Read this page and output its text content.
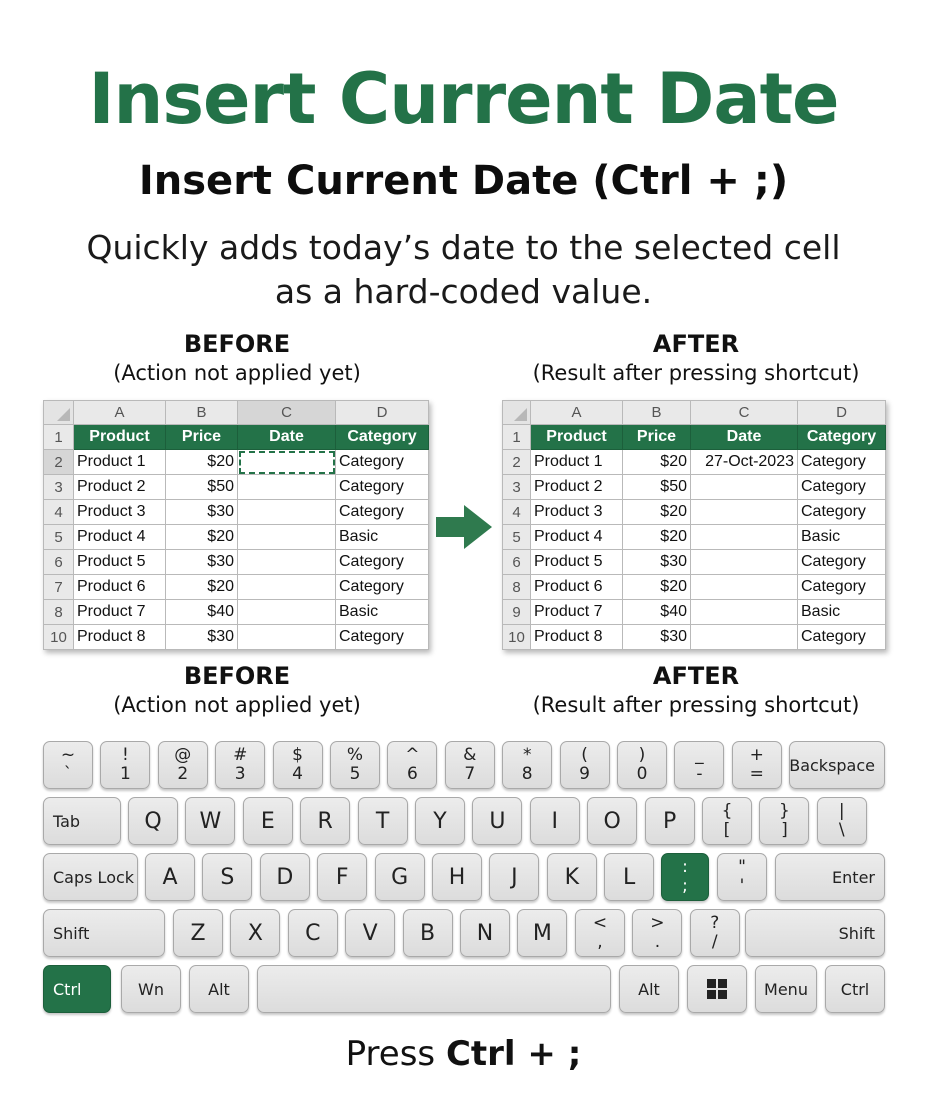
Insert Current Date
Insert Current Date (Ctrl + ;)
Quickly adds today’s date to the selected cell
as a hard-coded value.
BEFORE
(Action not applied yet)
AFTER
(Result after pressing shortcut)
	A	B	C	D
1	Product	Price	Date	Category
2	Product 1	$20		Category
3	Product 2	$50		Category
4	Product 3	$30		Category
5	Product 4	$20		Basic
6	Product 5	$30		Category
7	Product 6	$20		Category
8	Product 7	$40		Basic
10	Product 8	$30		Category
	A	B	C	D
1	Product	Price	Date	Category
2	Product 1	$20	27-Oct-2023	Category
3	Product 2	$50		Category
4	Product 3	$20		Category
5	Product 4	$20		Basic
6	Product 5	$30		Category
8	Product 6	$20		Category
9	Product 7	$40		Basic
10	Product 8	$30		Category
BEFORE
(Action not applied yet)
AFTER
(Result after pressing shortcut)
Backspace
Tab
Caps Lock	Enter
Shift	Shift
Ctrl	Wn	Alt	Alt	Menu	Ctrl
~
`
!
1
@
2
#
3
$
4
%
5
^
6
&
7
*
8
(
9
)
0
_
-
+
=
Q	W	E	R	T	Y	U	I	O	P	{
[
}
]
|
\
A	S	D	F	G	H	J	K	L	:
;
"
'
Z	X	C	V	B	N	M	<
,
>
.
?
/
Press Ctrl + ;
